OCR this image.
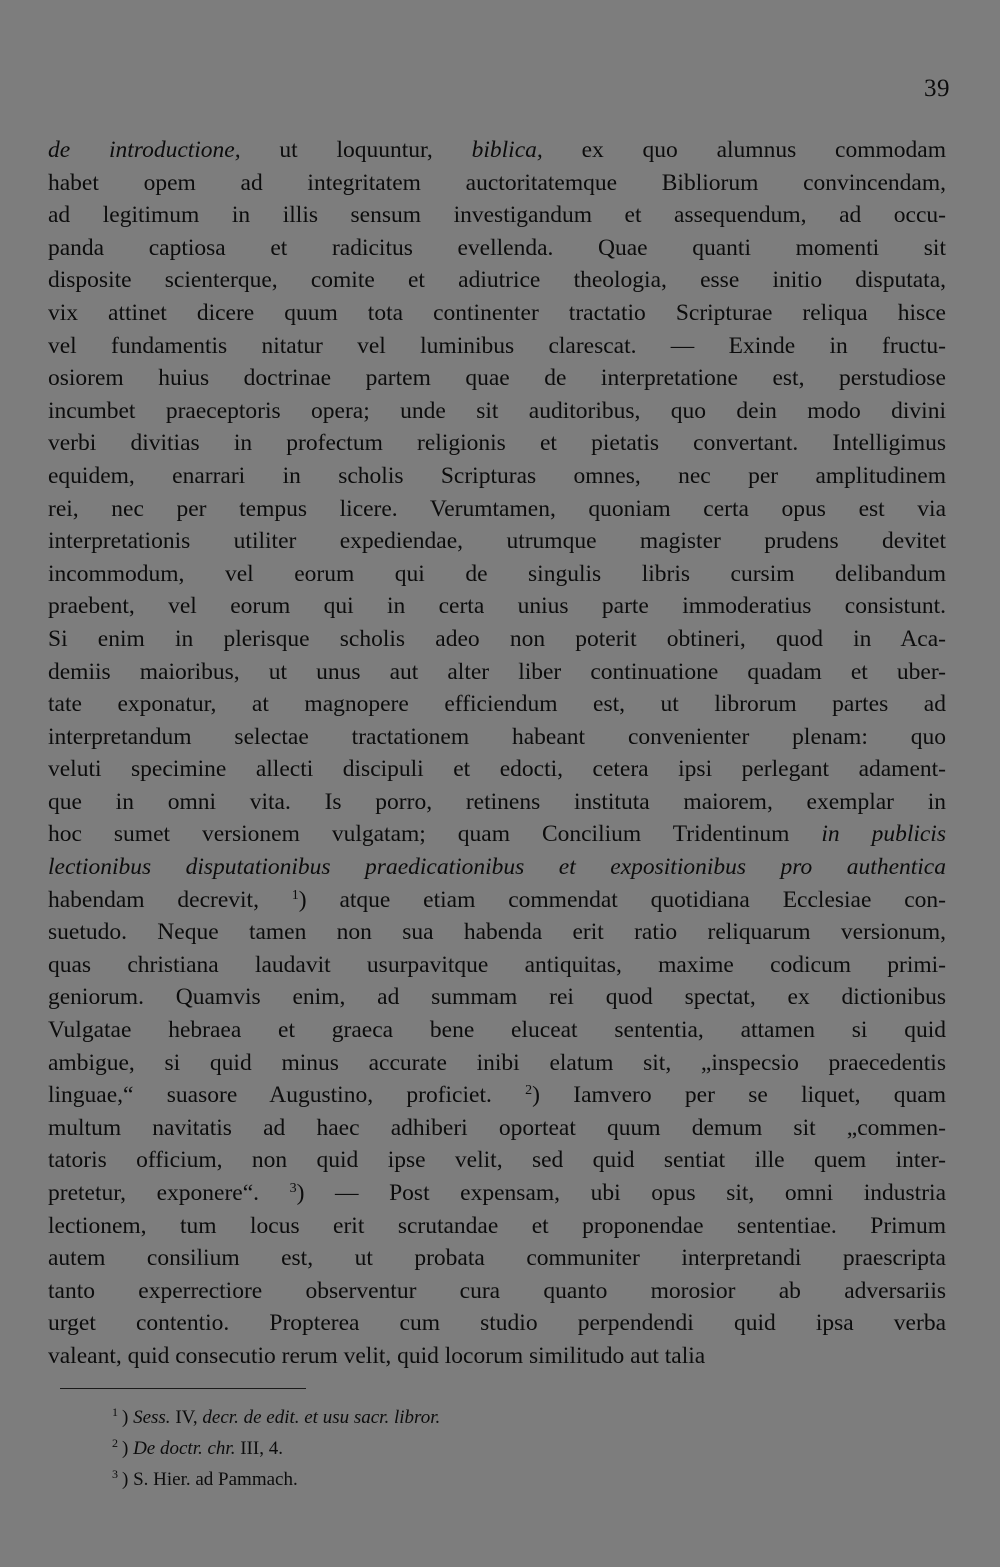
39
de introductione, ut loquuntur, biblica, ex quo alumnus commodam
habet opem ad integritatem auctoritatemque Bibliorum convincendam,
ad legitimum in illis sensum investigandum et assequendum, ad occu-
panda captiosa et radicitus evellenda. Quae quanti momenti sit
disposite scienterque, comite et adiutrice theologia, esse initio disputata,
vix attinet dicere quum tota continenter tractatio Scripturae reliqua hisce
vel fundamentis nitatur vel luminibus clarescat. — Exinde in fructu-
osiorem huius doctrinae partem quae de interpretatione est, perstudiose
incumbet praeceptoris opera; unde sit auditoribus, quo dein modo divini
verbi divitias in profectum religionis et pietatis convertant. Intelligimus
equidem, enarrari in scholis Scripturas omnes, nec per amplitudinem
rei, nec per tempus licere. Verumtamen, quoniam certa opus est via
interpretationis utiliter expediendae, utrumque magister prudens devitet
incommodum, vel eorum qui de singulis libris cursim delibandum
praebent, vel eorum qui in certa unius parte immoderatius consistunt.
Si enim in plerisque scholis adeo non poterit obtineri, quod in Aca-
demiis maioribus, ut unus aut alter liber continuatione quadam et uber-
tate exponatur, at magnopere efficiendum est, ut librorum partes ad
interpretandum selectae tractationem habeant convenienter plenam: quo
veluti specimine allecti discipuli et edocti, cetera ipsi perlegant adament-
que in omni vita. Is porro, retinens instituta maiorem, exemplar in
hoc sumet versionem vulgatam; quam Concilium Tridentinum in publicis
lectionibus disputationibus praedicationibus et expositionibus pro authentica
habendam decrevit, $^1$) atque etiam commendat quotidiana Ecclesiae con-
suetudo. Neque tamen non sua habenda erit ratio reliquarum versionum,
quas christiana laudavit usurpavitque antiquitas, maxime codicum primi-
geniorum. Quamvis enim, ad summam rei quod spectat, ex dictionibus
Vulgatae hebraea et graeca bene eluceat sententia, attamen si quid
ambigue, si quid minus accurate inibi elatum sit, „inspecsio praecedentis
linguae,“ suasore Augustino, proficiet. $^2$) Iamvero per se liquet, quam
multum navitatis ad haec adhiberi oporteat quum demum sit „commen-
tatoris officium, non quid ipse velit, sed quid sentiat ille quem inter-
pretetur, exponere“. $^3$) — Post expensam, ubi opus sit, omni industria
lectionem, tum locus erit scrutandae et proponendae sententiae. Primum
autem consilium est, ut probata communiter interpretandi praescripta
tanto experrectiore observentur cura quanto morosior ab adversariis
urget contentio. Propterea cum studio perpendendi quid ipsa verba
valeant, quid consecutio rerum velit, quid locorum similitudo aut talia
$^1$ ) Sess. IV, decr. de edit. et usu sacr. libror.
$^2$ ) De doctr. chr. III, 4.
$^3$ ) S. Hier. ad Pammach.
